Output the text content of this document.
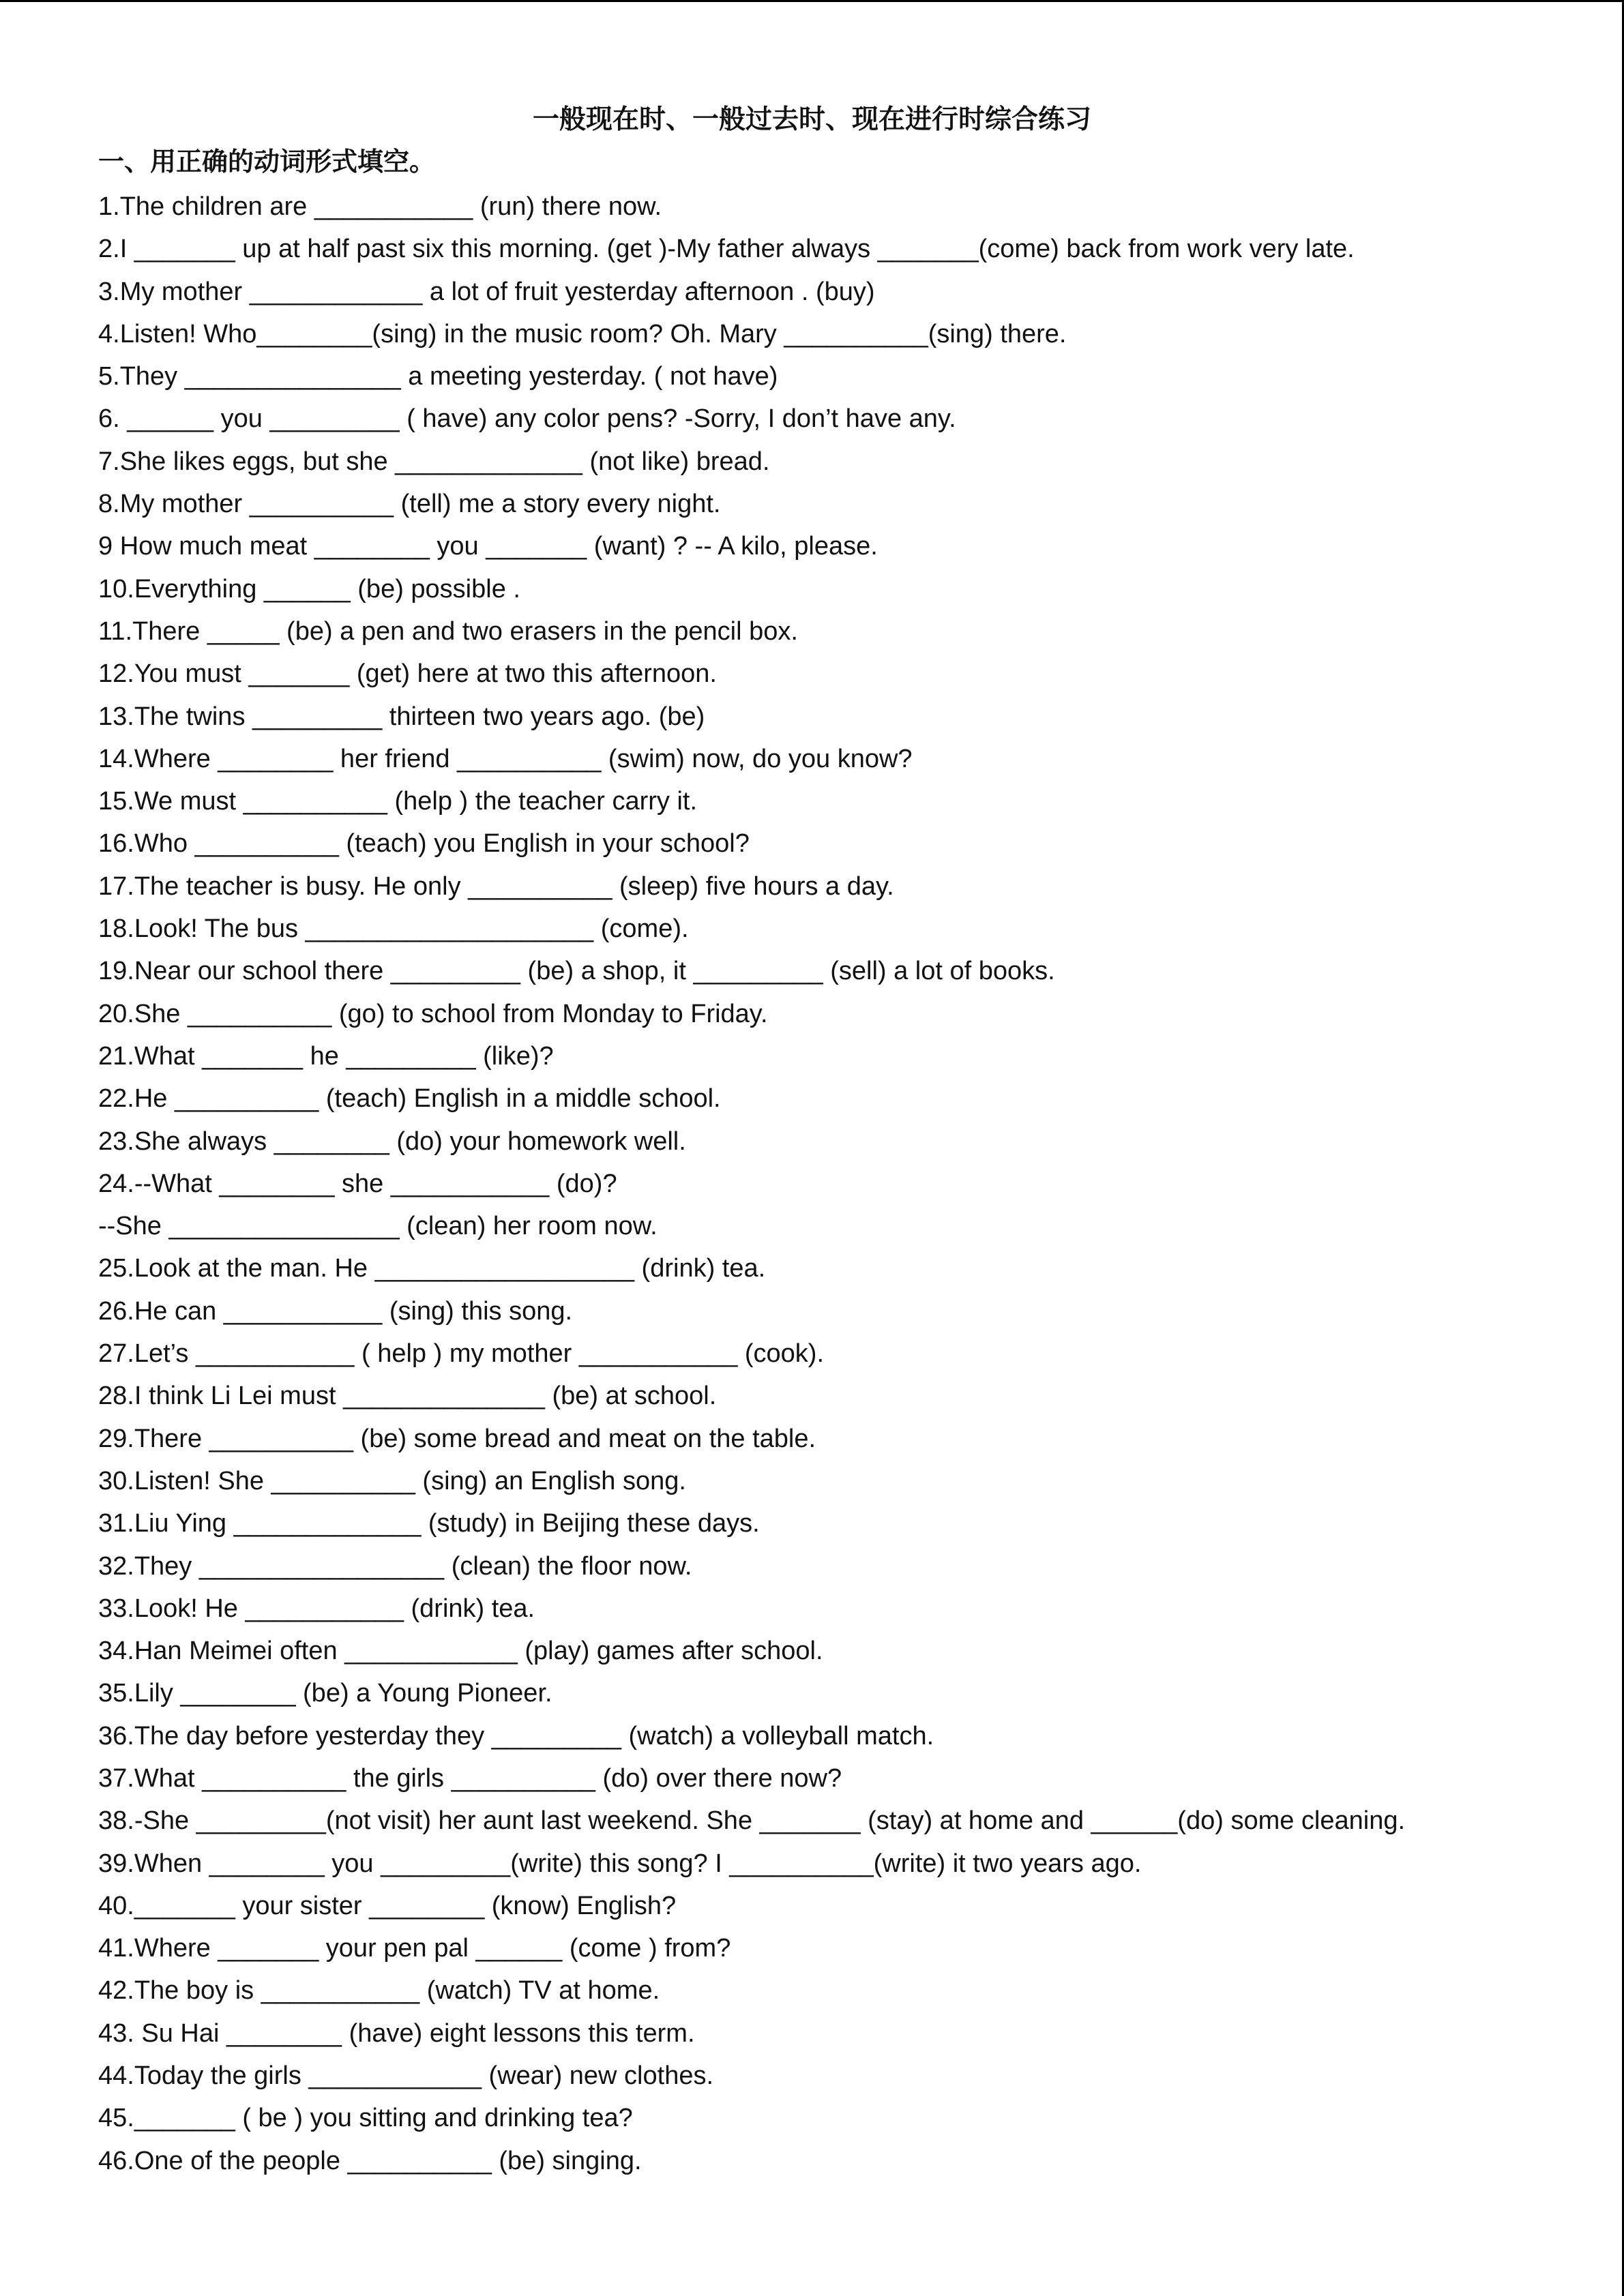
一般现在时、一般过去时、现在进行时综合练习
一、用正确的动词形式填空。
1.The children are ___________ (run) there now.
2.I _______ up at half past six this morning. (get )-My father always _______(come) back from work very late.
3.My mother ____________ a lot of fruit yesterday afternoon . (buy)
4.Listen! Who________(sing) in the music room? Oh. Mary __________(sing) there.
5.They _______________ a meeting yesterday. ( not have)
6. ______ you _________ ( have) any color pens? -Sorry, I don’t have any.
7.She likes eggs, but she _____________ (not like) bread.
8.My mother __________ (tell) me a story every night.
9 How much meat ________ you _______ (want) ? -- A kilo, please.
10.Everything ______ (be) possible .
11.There _____ (be) a pen and two erasers in the pencil box.
12.You must _______ (get) here at two this afternoon.
13.The twins _________ thirteen two years ago. (be)
14.Where ________ her friend __________ (swim) now, do you know?
15.We must __________ (help ) the teacher carry it.
16.Who __________ (teach) you English in your school?
17.The teacher is busy. He only __________ (sleep) five hours a day.
18.Look! The bus ____________________ (come).
19.Near our school there _________ (be) a shop, it _________ (sell) a lot of books.
20.She __________ (go) to school from Monday to Friday.
21.What _______ he _________ (like)?
22.He __________ (teach) English in a middle school.
23.She always ________ (do) your homework well.
24.--What ________ she ___________ (do)?
--She ________________ (clean) her room now.
25.Look at the man. He __________________ (drink) tea.
26.He can ___________ (sing) this song.
27.Let’s ___________ ( help ) my mother ___________ (cook).
28.I think Li Lei must ______________ (be) at school.
29.There __________ (be) some bread and meat on the table.
30.Listen! She __________ (sing) an English song.
31.Liu Ying _____________ (study) in Beijing these days.
32.They _________________ (clean) the floor now.
33.Look! He ___________ (drink) tea.
34.Han Meimei often ____________ (play) games after school.
35.Lily ________ (be) a Young Pioneer.
36.The day before yesterday they _________ (watch) a volleyball match.
37.What __________ the girls __________ (do) over there now?
38.-She _________(not visit) her aunt last weekend. She _______ (stay) at home and ______(do) some cleaning.
39.When ________ you _________(write) this song? I __________(write) it two years ago.
40._______ your sister ________ (know) English?
41.Where _______ your pen pal ______ (come ) from?
42.The boy is ___________ (watch) TV at home.
43. Su Hai ________ (have) eight lessons this term.
44.Today the girls ____________ (wear) new clothes.
45._______ ( be ) you sitting and drinking tea?
46.One of the people __________ (be) singing.
